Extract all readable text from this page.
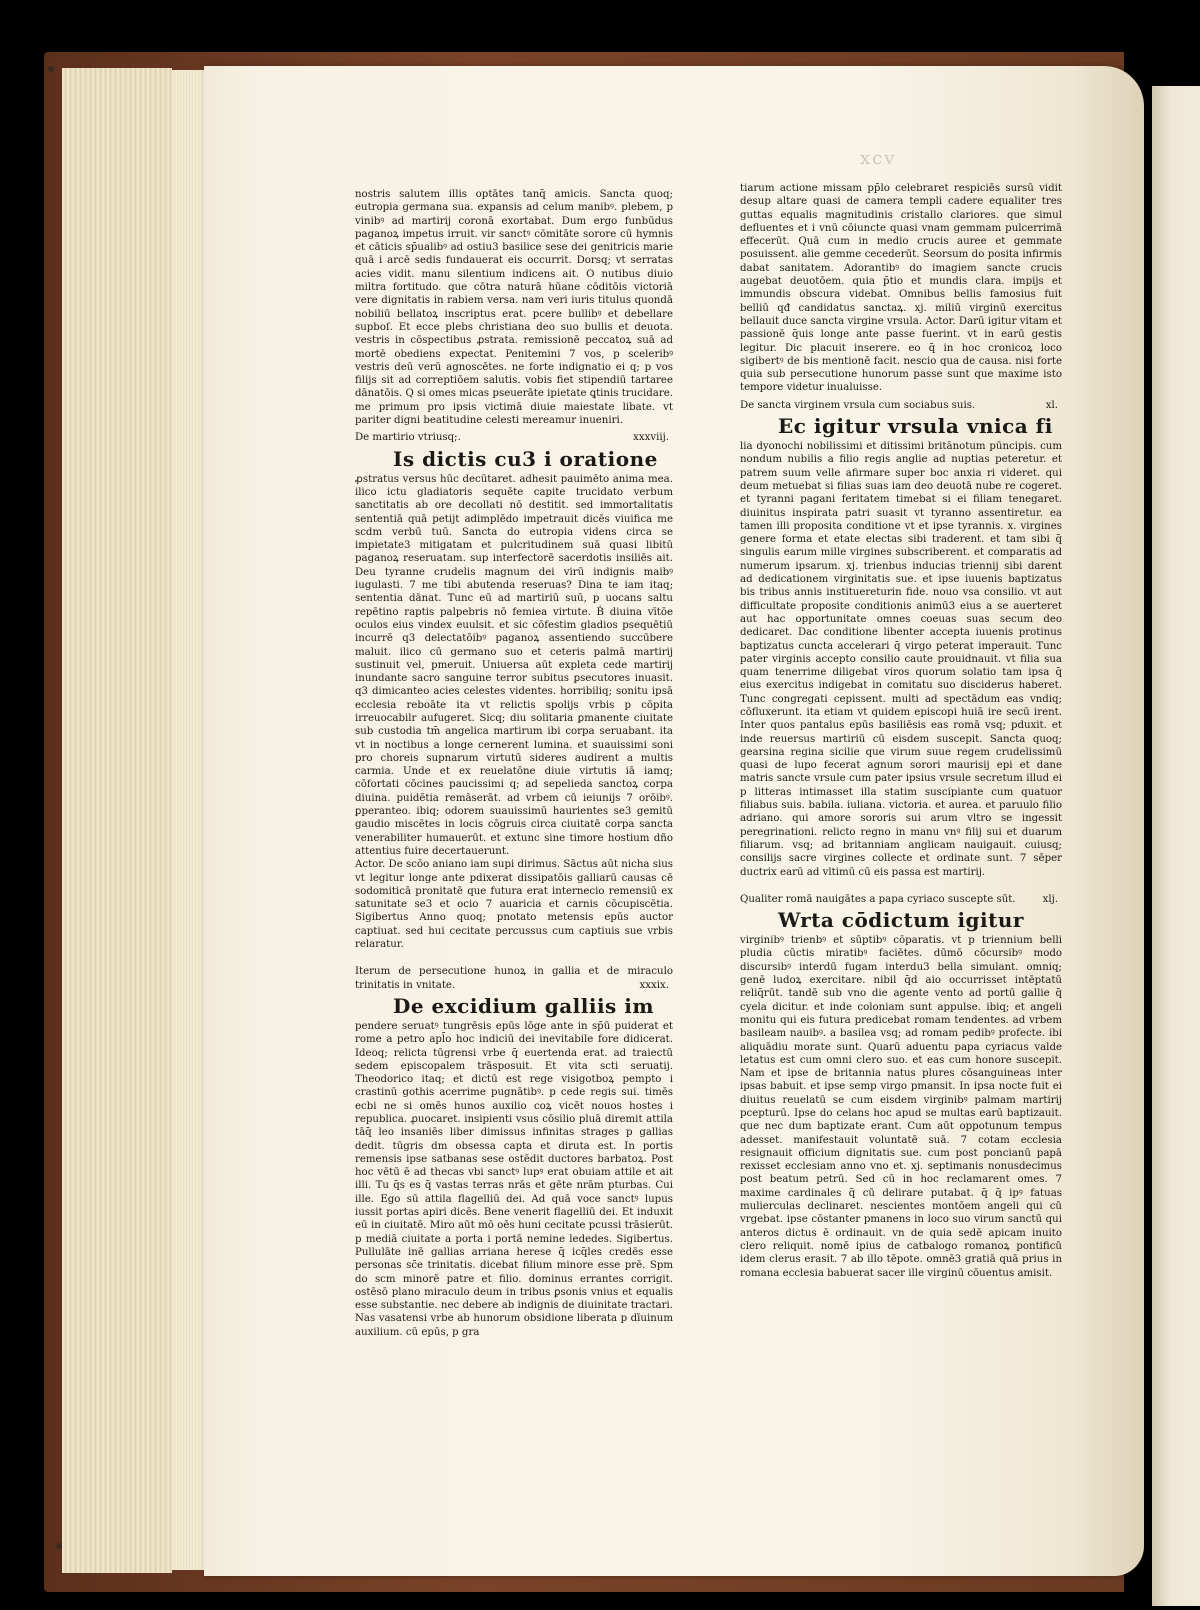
xcv

nostris salutem illis optātes tanq̄ amicis. Sancta quoq; eutropia germana sua. expansis ad celum manibꝰ. plebem, p vinibꝰ ad martirij coronā exortabat. Dum ergo funbūdus paganoꝝ impetus irruit. vir sanctꝰ cōmitāte sorore cū hymnis et cāticis sp̄ualibꝰ ad ostiu3 basilice sese dei genitricis marie quā i arcē sedis fundauerat eis occurrit. Dorsq; vt serratas acies vidit. manu silentium indicens ait. O nutibus diuio miltra fortitudo. que cōtra naturā hūane cōditōis victoriā vere dignitatis in rabiem versa. nam veri iuris titulus quondā nobiliū bellatoꝝ inscriptus erat. pcere bullibꝰ et debellare supboſ. Et ecce plebs christiana deo suo bullis et deuota. vestris in cōspectibus ꝓstrata. remissionē peccatoꝝ suā ad mortē obediens expectat. Penitemini 7 vos, p sceleribꝰ vestris deū verū agnoscētes. ne forte indignatio ei q; p vos filijs sit ad correptiōem salutis. vobis fiet stipendiū tartaree dānatōis. Q si omes micas pseuerāte ipietate ꝗtinis trucidare. me primum pro ipsis victimā diuie maiestate libate. vt pariter digni beatitudine celesti mereamur inueniri.

xxxviij.
De martirio vtriusq;.
Is dictis cu3 i oratione

ꝓstratus versus hūc decūtaret. adhesit pauimēto anima mea. ilico ictu gladiatoris sequēte capite trucidato verbum sanctitatis ab ore decollati nō destitit. sed immortalitatis sententiā quā petijt adimplēdo impetrauit dicēs viuifica me scdm verbū tuū. Sancta do eutropia videns circa se impietate3 mitigatam et pulcritudinem suā quasi libitū paganoꝝ reseruatam. sup interfectorē sacerdotis insiliēs ait. Deu tyranne crudelis magnum dei virū indignis maibꝰ iugulasti. 7 me tibi abutenda reseruas? Dina te iam itaq; sententia dānat. Tunc eū ad martiriū suū, p uocans saltu repētino raptis palpebris nō femiea virtute. Ḃ diuina vītōe oculos eius vindex euulsit. et sic cōfestim gladios psequētiū incurrē q3 delectatōibꝰ paganoꝝ assentiendo succūbere maluit. ilico cū germano suo et ceteris palmā martirij sustinuit vel, pmeruit. Uniuersa aūt expleta cede martirij inundante sacro sanguine terror subitus ꝑsecutores inuasit. q3 dimicanteo acies celestes videntes. horribiliq; sonitu ipsā ecclesia reboāte ita vt relictis spolijs vrbis p cōpita irreuocabilr aufugeret. Sicq; diu solitaria ꝑmanente ciuitate sub custodia tm̄ angelica martirum ibi corpa seruabant. ita vt in noctibus a longe cernerent lumina. et suauissimi soni pro choreis supnarum virtutū sideres audirent a multis carmia. Unde et ex reuelatōne diuie virtutis iā iamq; cōfortati cōcines paucissimi q; ad sepelieda sanctoꝝ corpa diuina. puidētia remāserāt. ad vrbem cū ieiunijs 7 orōibꝰ. ꝑperanteo. ibiq; odorem suauissimū haurientes se3 gemitū gaudio miscētes in locis cōgruis circa ciuitatē corpa sancta venerabiliter humauerūt. et extunc sine timore hostium dño attentius fuire decertauerunt.

Actor. De scōo aniano iam supi dirimus. Sāctus aūt nicha sius vt legitur longe ante pdixerat dissipatōis galliarū causas cē sodomiticā pronitatē que futura erat internecio remensiū ex satunitate se3 et ocio 7 auaricia et carnis cōcupiscētia. Sigibertus Anno quoq; pnotato metensis epūs auctor captiuat. sed hui cecitate percussus cum captiuis sue vrbis relaratur.

Iterum de persecutione hunoꝝ in gallia et de miraculo trinitatis in vnitate.	xxxix.
De excidium galliis im

pendere seruatꝰ tungrēsis epūs lōge ante in sp̄ū puiderat et rome a petro apl̄o hoc indiciū dei inevitabile fore didicerat. Ideoq; relicta tūgrensi vrbe q̄ euertenda erat. ad traiectū sedem episcopalem trāsposuit. Et vita scti seruatij. Theodorico itaq; et dictū est rege visigotboꝝ pempto i crastinū gothis acerrime pugnātibꝰ. p cede regis sui. timēs ecbi ne si omēs hunos auxilio coꝝ vicēt nouos hostes i republica. ꝓuocaret. insipienti vsus cōsilio pluā diremit attila tāq̄ leo insaniēs liber dimissus infinitas strages p gallias dedit. tūgris dm obsessa capta et diruta est. In portis remensis ipse satbanas sese ostēdit ductores barbatoꝝ. Post hoc vētū ē ad thecas vbi sanctꝰ lupꝰ erat obuiam attile et ait illi. Tu q̄s es q̄ vastas terras nrās et gēte nrām pturbas. Cui ille. Ego sū attila flagelliū dei. Ad quā voce sanctꝰ lupus iussit portas apiri dicēs. Bene venerit flagelliū dei. Et induxit eū in ciuitatē. Miro aūt mō oēs huni cecitate pcussi trāsierūt. p mediā ciuitate a porta i portā nemine lededes. Sigibertus. Pullulāte inē gallias arriana herese q̄ icq̄les credēs esse personas sc̄e trinitatis. dicebat filium minore esse prē. Spm do scm minorē patre et filio. dominus errantes corrigit. ostēsō plano miraculo deum in tribus ꝑsonis vnius et equalis esse substantie. nec debere ab indignis de diuinitate tractari. Nas vasatensi vrbe ab hunorum obsidione liberata p dīuinum auxilium. cū epūs, p gra

tiarum actione missam pp̄lo celebraret respiciēs sursū vidit desup altare quasi de camera templi cadere equaliter tres guttas equalis magnitudinis cristallo clariores. que simul defluentes et i vnū cōiuncte quasi vnam gemmam pulcerrimā effecerūt. Quā cum in medio crucis auree et gemmate posuissent. alie gemme cecederūt. Seorsum do posita infirmis dabat sanitatem. Adorantibꝰ do imagiem sancte crucis augebat deuotōem. quia p̄tio et mundis clara. impijs et immundis obscura videbat. Omnibus bellis famosius fuit belliū qđ candidatus sanctaꝝ. xj. miliū virginū exercitus bellauit duce sancta virgine vrsula. Actor. Darū igitur vitam et passionē q̄uis longe ante passe fuerint. vt in earū gestis legitur. Dic placuit inserere. eo q̄ in hoc cronicoꝝ loco sigibertꝰ de bis mentionē facit. nescio qua de causa. nisi forte quia sub persecutione hunorum passe sunt que maxime isto tempore videtur inualuisse.

xl.
De sancta virginem vrsula cum sociabus suis.
Ec igitur vrsula vnica fi

lia dyonochi nobilissimi et ditissimi britānotum pūncipis. cum nondum nubilis a filio regis anglie ad nuptias peteretur. et patrem suum velle afirmare super boc anxia ri videret. qui deum metuebat si filias suas iam deo deuotā nube re cogeret. et tyranni pagani feritatem timebat si ei filiam tenegaret. diuinitus inspirata patri suasit vt tyranno assentiretur. ea tamen illi proposita conditione vt et ipse tyrannis. x. virgines genere forma et etate electas sibi traderent. et tam sibi q̄ singulis earum mille virgines subscriberent. et comparatis ad numerum ipsarum. xj. trienbus inducias triennij sibi darent ad dedicationem virginitatis sue. et ipse iuuenis baptizatus bis tribus annis instituereturin fide. nouo vsa consilio. vt aut difficultate proposite conditionis animū3 eius a se auerteret aut hac opportunitate omnes coeuas suas secum deo dedicaret. Dac conditione libenter accepta iuuenis protinus baptizatus cuncta accelerari q̄ virgo peterat imperauit. Tunc pater virginis accepto consilio caute prouidnauit. vt filia sua quam tenerrime diligebat viros quorum solatio tam ipsa q̄ eius exercitus indigebat in comitatu suo disciderus haberet. Tunc congregati cepissent. multi ad spectādum eas vndiq; cōfluxerunt. ita etiam vt quidem episcopi huiā ire secū irent. Inter quos pantalus epūs basiliēsis eas romā vsq; pduxit. et inde reuersus martiriū cū eisdem suscepit. Sancta quoq; gearsina regina sicilie que virum suue regem crudelissimū quasi de lupo fecerat agnum sorori maurisij epi et dane matris sancte vrsule cum pater ipsius vrsule secretum illud ei p litteras intimasset illa statim suscipiante cum quatuor filiabus suis. babila. iuliana. victoria. et aurea. et paruulo filio adriano. qui amore sororis sui arum vltro se ingessit peregrinationi. relicto regno in manu vnꝰ filij sui et duarum filiarum. vsq; ad britanniam anglicam nauigauit. cuiusq; consilijs sacre virgines collecte et ordinate sunt. 7 sēper ductrix earū ad vltimū cū eis passa est martirij.

xlj.
Qualiter romā nauigātes a papa cyriaco suscepte sūt.
Wrta cōdictum igitur

virginibꝰ trienbꝰ et sūptibꝰ cōparatis. vt p triennium belli pludia cūctis miratibꝰ faciētes. dūmō cōcursibꝰ modo discursibꝰ interdū fugam interdu3 bella simulant. omniq; genē ludoꝝ exercitare. nibil q̄d aio occurrisset intēptatū reliq̄rūt. tandē sub vno die agente vento ad portū gallie q̄ cyela dicitur. et inde coloniam sunt appulse. ibiq; et angeli monitu qui eis futura predicebat romam tendentes. ad vrbem basileam nauibꝰ. a basilea vsq; ad romam pedibꝰ profecte. ibi aliquādiu morate sunt. Quarū aduentu papa cyriacus valde letatus est cum omni clero suo. et eas cum honore suscepit. Nam et ipse de britannia natus plures cōsanguineas inter ipsas babuit. et ipse semp virgo pmansit. In ipsa nocte fuit ei diuitus reuelatū se cum eisdem virginibꝰ palmam martirij pcepturū. Ipse do celans hoc apud se multas earū baptizauit. que nec dum baptizate erant. Cum aūt oppotunum tempus adesset. manifestauit voluntatē suā. 7 cotam ecclesia resignauit officium dignitatis sue. cum post poncianū papā rexisset ecclesiam anno vno et. xj. septimanis nonusdecimus post beatum petrū. Sed cū in hoc reclamarent omes. 7 maxime cardinales q̄ cū delirare putabat. q̄ q̄ ipꝰ fatuas mulierculas declinaret. nescientes montōem angeli qui cū vrgebat. ipse cōstanter pmanens in loco suo virum sanctū qui anteros dictus ē ordinauit. vn de quia sedē apicam inuito clero reliquit. nomē ipius de catbalogo romanoꝝ pontificū idem clerus erasit. 7 ab illo tēpote. omnē3 gratiā quā prius in romana ecclesia babuerat sacer ille virginū cōuentus amisit.
